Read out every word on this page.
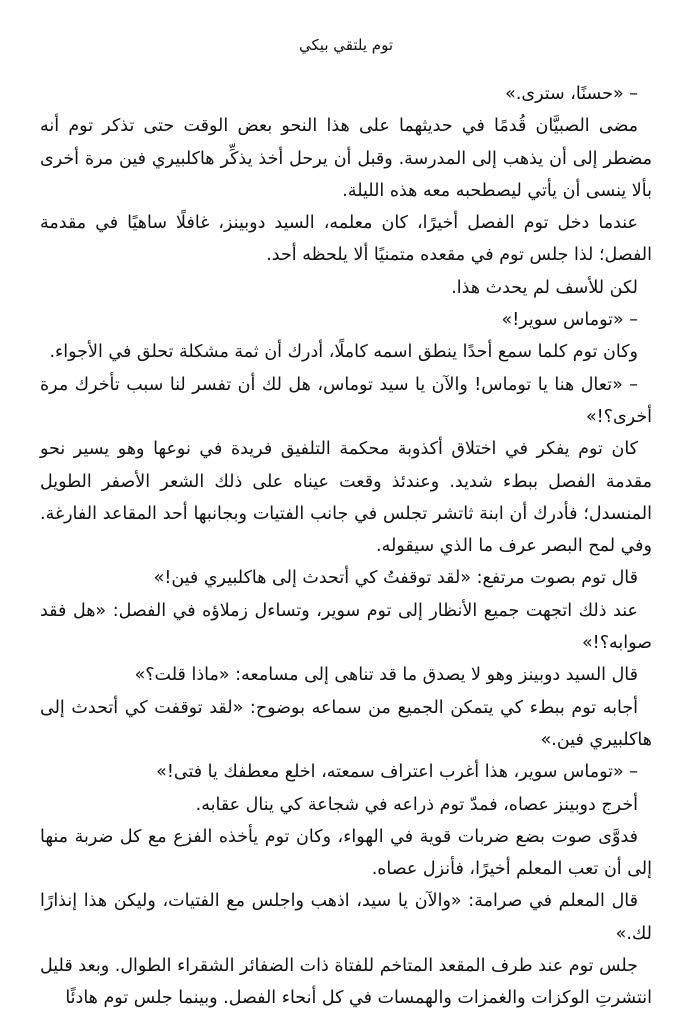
توم يلتقي بيكي

– «حسنًا، سترى.»

مضى الصبيَّان قُدمًا في حديثهما على هذا النحو بعض الوقت حتى تذكر توم أنه مضطر إلى أن يذهب إلى المدرسة. وقبل أن يرحل أخذ يذكِّر هاكلبيري فين مرة أخرى بألا ينسى أن يأتي ليصطحبه معه هذه الليلة.

عندما دخل توم الفصل أخيرًا، كان معلمه، السيد دوبينز، غافلًا ساهيًا في مقدمة الفصل؛ لذا جلس توم في مقعده متمنيًا ألا يلحظه أحد.

لكن للأسف لم يحدث هذا.

– «توماس سوير!»

وكان توم كلما سمع أحدًا ينطق اسمه كاملًا، أدرك أن ثمة مشكلة تحلق في الأجواء.

– «تعال هنا يا توماس! والآن يا سيد توماس، هل لك أن تفسر لنا سبب تأخرك مرة أخرى؟!»

كان توم يفكر في اختلاق أكذوبة محكمة التلفيق فريدة في نوعها وهو يسير نحو مقدمة الفصل ببطء شديد. وعندئذ وقعت عيناه على ذلك الشعر الأصفر الطويل المنسدل؛ فأدرك أن ابنة ثاتشر تجلس في جانب الفتيات وبجانبها أحد المقاعد الفارغة. وفي لمح البصر عرف ما الذي سيقوله.

قال توم بصوت مرتفع: «لقد توقفتُ كي أتحدث إلى هاكلبيري فين!»

عند ذلك اتجهت جميع الأنظار إلى توم سوير، وتساءل زملاؤه في الفصل: «هل فقد صوابه؟!»

قال السيد دوبينز وهو لا يصدق ما قد تناهى إلى مسامعه: «ماذا قلت؟»

أجابه توم ببطء كي يتمكن الجميع من سماعه بوضوح: «لقد توقفت كي أتحدث إلى هاكلبيري فين.»

– «توماس سوير، هذا أغرب اعتراف سمعته، اخلع معطفك يا فتى!»

أخرج دوبينز عصاه، فمدّ توم ذراعه في شجاعة كي ينال عقابه.

فدوَّى صوت بضع ضربات قوية في الهواء، وكان توم يأخذه الفزع مع كل ضربة منها إلى أن تعب المعلم أخيرًا، فأنزل عصاه.

قال المعلم في صرامة: «والآن يا سيد، اذهب واجلس مع الفتيات، وليكن هذا إنذارًا لك.»

جلس توم عند طرف المقعد المتاخم للفتاة ذات الضفائر الشقراء الطوال. وبعد قليل انتشرتِ الوكزات والغمزات والهمسات في كل أنحاء الفصل. وبينما جلس توم هادئًا
